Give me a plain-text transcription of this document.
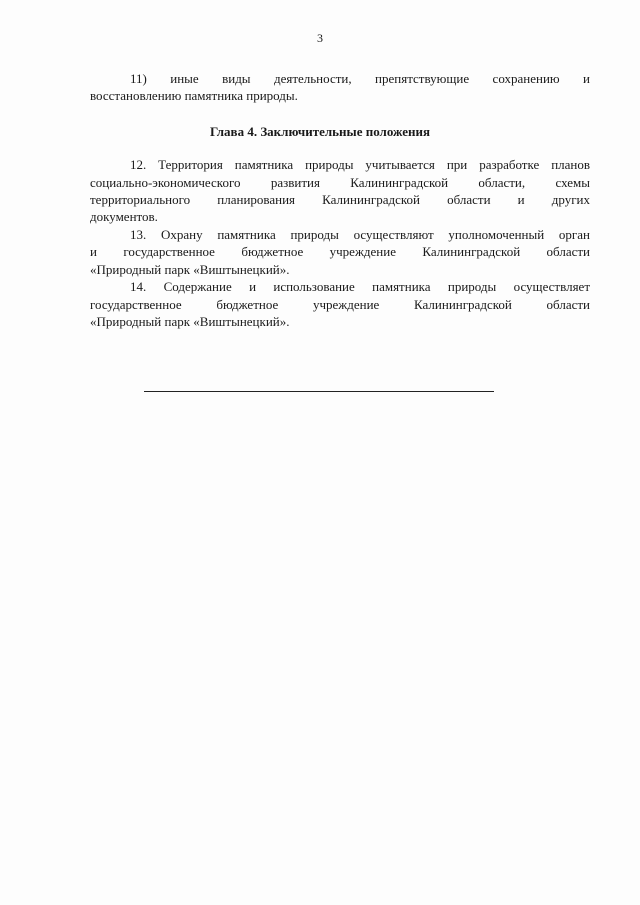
3

11) иные виды деятельности, препятствующие сохранению и

восстановлению памятника природы.

Глава 4. Заключительные положения

12. Территория памятника природы учитывается при разработке планов

социально-экономического развития Калининградской области, схемы

территориального планирования Калининградской области и других

документов.

13. Охрану памятника природы осуществляют уполномоченный орган

и государственное бюджетное учреждение Калининградской области

«Природный парк «Виштынецкий».

14. Содержание и использование памятника природы осуществляет

государственное бюджетное учреждение Калининградской области

«Природный парк «Виштынецкий».
